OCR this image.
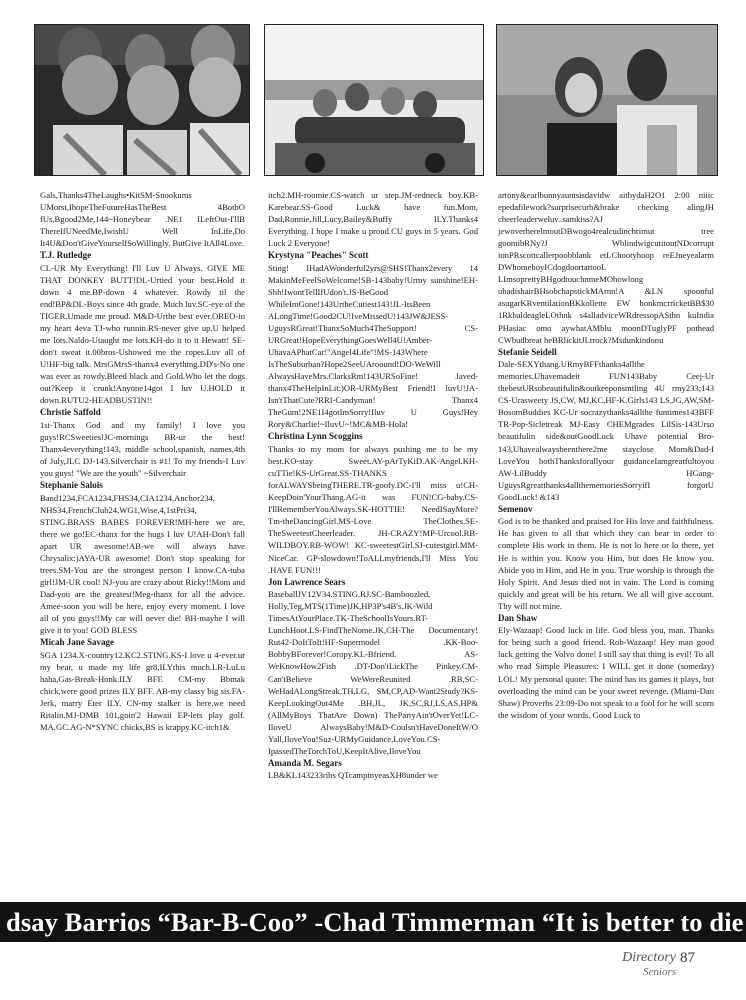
Gals,Thanks4TheLaughs•KitSM-Snookums UMorst,IhopeTheFutureHasTheBest 4BothO fUs,Bgood2Me,144~Honeybear .NE1 ILeftOut-I'llB ThereIfUNeedMe,IwishU Well InLife,Do It4U&Don'tGiveYourselfSoWillingly. ButGive ItAll4Love.

T.J. Rutledge

CL-UR My Everything! I'll Luv U Always. GIVE ME THAT DONKEY BUTT!DL-Urtied your best.Hold it down 4 me.BP-down 4 whatever. Rowdy til the end!BP&DL-Boys since 4th grade. Much luv.SC-eye of the TIGER.Umade me proud. M&D-Urthe best ever.OREO-in my heart 4eva TJ-who runnin.RS-never give up.U helped me lots.Naldo-Utaught me lots.KH-do it to it Hewatt! SE-don't sweat it.00bros-Ushowed me the ropes.Luv all of U!HF-big talk. MrsGMrsS-thanx4 everything.DD's-No one was ever as rowdy.Bleed black and Gold.Who let the dogs out?Keep it crunk!Anyone14got I luv U.HOLD it down.RUTU2-HEADBUSTIN!!

Christie Saffold

1st-Thanx God and my family! I love you guys!RCSweeties!JC-mornings BR-ur the best! Thanx4everything!143, middle school,spanish, names,4th of July,JLC DJ-143.Silverchair is #1! To my friends-I Luv you guys! "We are the youth" ~Silverchair

Stephanie Salois

Band1234,FCA1234,FHS34,CIA1234,Anchor234, NHS34,FrenchClub24,WG1,Wise,4,1stPri34, STING.BRASS BABES FOREVER!MH-here we are, there we go!EC-thanx for the hugs I luv U!AH-Don't fall apart UR awesome!AB-we will always have Chrysalix:)AYA-UR awesome! Don't stop speaking for trees.SM-You are the strongest person I know.CA-tuba girl!JM-UR cool! NJ-you are crazy about Ricky!!Mom and Dad-you are the greatest!Meg-thanx for all the advice. Amee-soon you will be here, enjoy every moment. I love all of you guys!!My car will never die! BH-maybe I will give it to you! GOD BLESS

Micah Jane Savage

SGA 1234.X-country12.KC2.STING.KS-I love u 4-ever.ur my bear, u made my life gr8,ILYthis much.LR-LuLu haha,Gas-Break-Honk.ILY BFF. CM-my Bbmak chick,were good prizes ILY BFF. AB-my classy big sis.FA-Jerk, marry Eter ILY. CN-my stalker is here,we need Ritalin.MJ-DMB 101,goin'2 Hawaii EP-lets play golf. MA.GC.AG-N*SYNC chicks,BS is krappy.KC-itch1&

itch2.MH-roomie.CS-watch ur step.JM-redneck boy.KB-Karebear.SS-Good Luck& have fun.Mom, Dad,Ronnie,Jill,Lucy,Bailey&Buffy ILY.Thanks4 Everything. I hope I make u proud.CU guys in 5 years. God Luck 2 Everyone!

Krystyna "Peaches" Scott

Sting! IHadAWonderful2yrs@SHS!Thanx2every 14 MakinMeFeelSoWelcome!SB-143baby!Urmy sunshine!EH-Shh!IwontTellIfUdon't.JS-BeGood WhileImGone!143UrtheCutiest143!JL-ItsBeen ALongTime!Good2CU!IveMissedU!143JW&JESS-UguysRGreat!ThanxSoMuch4TheSupport! CS-URGreat!HopeEverythingGoesWell4U!Amber-UhavaAPhatCar!"Angel4Life"!MS-143Where IsTheSuburban?Hope2SeeUAroound!DO-WeWill AlwaysHaveMrs.ClarksRm!143URSoFine! Javed-thanx4TheHelpInLit:)OR-URMyBest Friend!I luvU!JA-Isn'tThatCute?RRI-Candyman! Thanx4 TheGum!2NE1I4gotImSorry!Iluv U Guys!Hey Rory&Charlie!~IluvU~!MC&MB-Hola!

Christina Lynn Scoggins

Thanks to my mom for always pushing me to be my best.KO-stay Sweet.AY-pArTyKiD.AK-Angel.KH-cuTTie!KS-UrGreat.SS-THANKS forALWAYSbeingTHERE.TR-goofy.DC-I'll miss u!CH-KeepDoin'YourThang.AG-it was FUN!CG-baby.CS-I'llRememberYouAlways.SK-HOTTIE! NeedISayMore?Tm-theDancingGirl.MS-Love TheClothes.SE-TheSweetestCheerleader. JH-CRAZY!MP-Urcool.RB-WILDBOY.RB-WOW! KC-sweetestGirl.SJ-cutestgirl.MM-NiceCar. GP-slowdown!ToALLmyfriends,I'll Miss You .HAVE FUN!!!

Jon Lawrence Sears

BaseballJV12V34.STING.RJ.SC-Bamboozled, Holly,Teg,MTS(1Time)JK,HP3P's4B's.JK-Wild TimesAtYourPlace.TK-TheSchoolIsYours.RT-LunchHoot.LS-FindTheNome.JK,CH-The Documentary! Rut42-DoItToIt!HF-Supermodel .KK-Boo-BobbyBForever!Coropy.KL-Bfriend. AS-WeKnowHow2Fish .DT-Don'tLickThe Pinkey.CM-Can'tBelieve WeWereReunited .RB,SC-WeHadALongStreak.TH,LG, SM,CP,AD-Want2Study?KS-KeepLookingOut4Me .BH,JL, JK,SC,RJ,LS,AS,HP&(AllMyBoys ThatAre Down) ThePartyAin'tOverYet!LC-IloveU AlwaysBaby!M&D-Coulsn'tHaveDoneItW/O Yall,IloveYou!Suz-URMyGuidance,LoveYou.CS-IpassedTheTorchToU,KeepItAlive,IloveYou

Amanda M. Segars

LB&KL143233ribs QTcampinyeasXH8under we

artony&earlbunnyauntsisdavidw aitbydaH2O1 2:00 niiic epedafilework?surprisecurb&brake checking alingJH cheerleaderweluv..samkiss?AJ jewoverherelmoutDBwogo4realcudinchrimut tree goomibRNy?J WblindwigcutitoutNDcorrupt ionPRscottcallerpoobblank etLChootyhoop reEJneyealarm DWhomeboyICdogdoortattooL LImsoprettyBHgodtouchnmeMOhowlong uhadishairBHsobchapstickMArnn!A &LN spoonful asugarKRventilationBKkollette EW honkmcrricketBB$30 1RkbaldeagleLOthnk s4alladviceWRdressopASthn kuIndia PHasiac omo aywhatAMblu moonDTuglyPF pothead CWbudbreat heBRlickitJLtrock?Msdunkindonu

Stefanie Seidell

Dale-SEXYthang.URmyBFFthanks4allthe memories.Uhavemadeit FUN143Baby Ceej-Ur thebestURsobeautifulin&outkeeponsmiling 4U rmy233;143 CS-Urasweety JS,CW, MJ,KC,HF-K.Girls143 LS,JG,AW,SM-BosomBuddies KC-Ur socrazythanks4allthe funtimes143BFF TR-Pop-Sicletreak MJ-Easy CHEMgrades LilSis-143Urso beautifulin side&outGoodLuck Uhave potential Bro-143,Uhavealwaysbeenthere2me stayclose Mom&Dad-I LoveYou bothThanksforallyour guidanceIamgreatfultoyou AW-LilBuddy HGang-UguysRgreatthanks4allthememoriesSorryifI forgotU GoodLuck! &143

Semenov

God is to be thanked and praised for His love and faithfulness. He has given to all that which they can bear in order to complete His work in them. He is not lo here or lo there, yet He is within you. Know you Him, but does He know you. Abide you in Him, and He in you. True worship is through the Holy Spirit. And Jesus died not in vain. The Lord is coming quickly and great will be his return. We all will give account. Thy will not mine.

Dan Shaw

Ely-Wazaap! Good luck in life. God bless you, man. Thanks for being such a good friend. Rob-Wazaap! Hey man good luck getting the Volvo done! I still say that thing is evil! To all who read Simple Pleasures: I WILL get it done (someday) LOL! My personal quote: The mind has its games it plays, but overloading the mind can be your sweet revenge. (Miami-Dan Shaw) Proverbs 23:09-Do not speak to a fool for he will scorn the wisdom of your words. Good Luck to

dsay Barrios “Bar-B-Coo” -Chad Timmerman “It is better to die
Directory
Seniors
87
